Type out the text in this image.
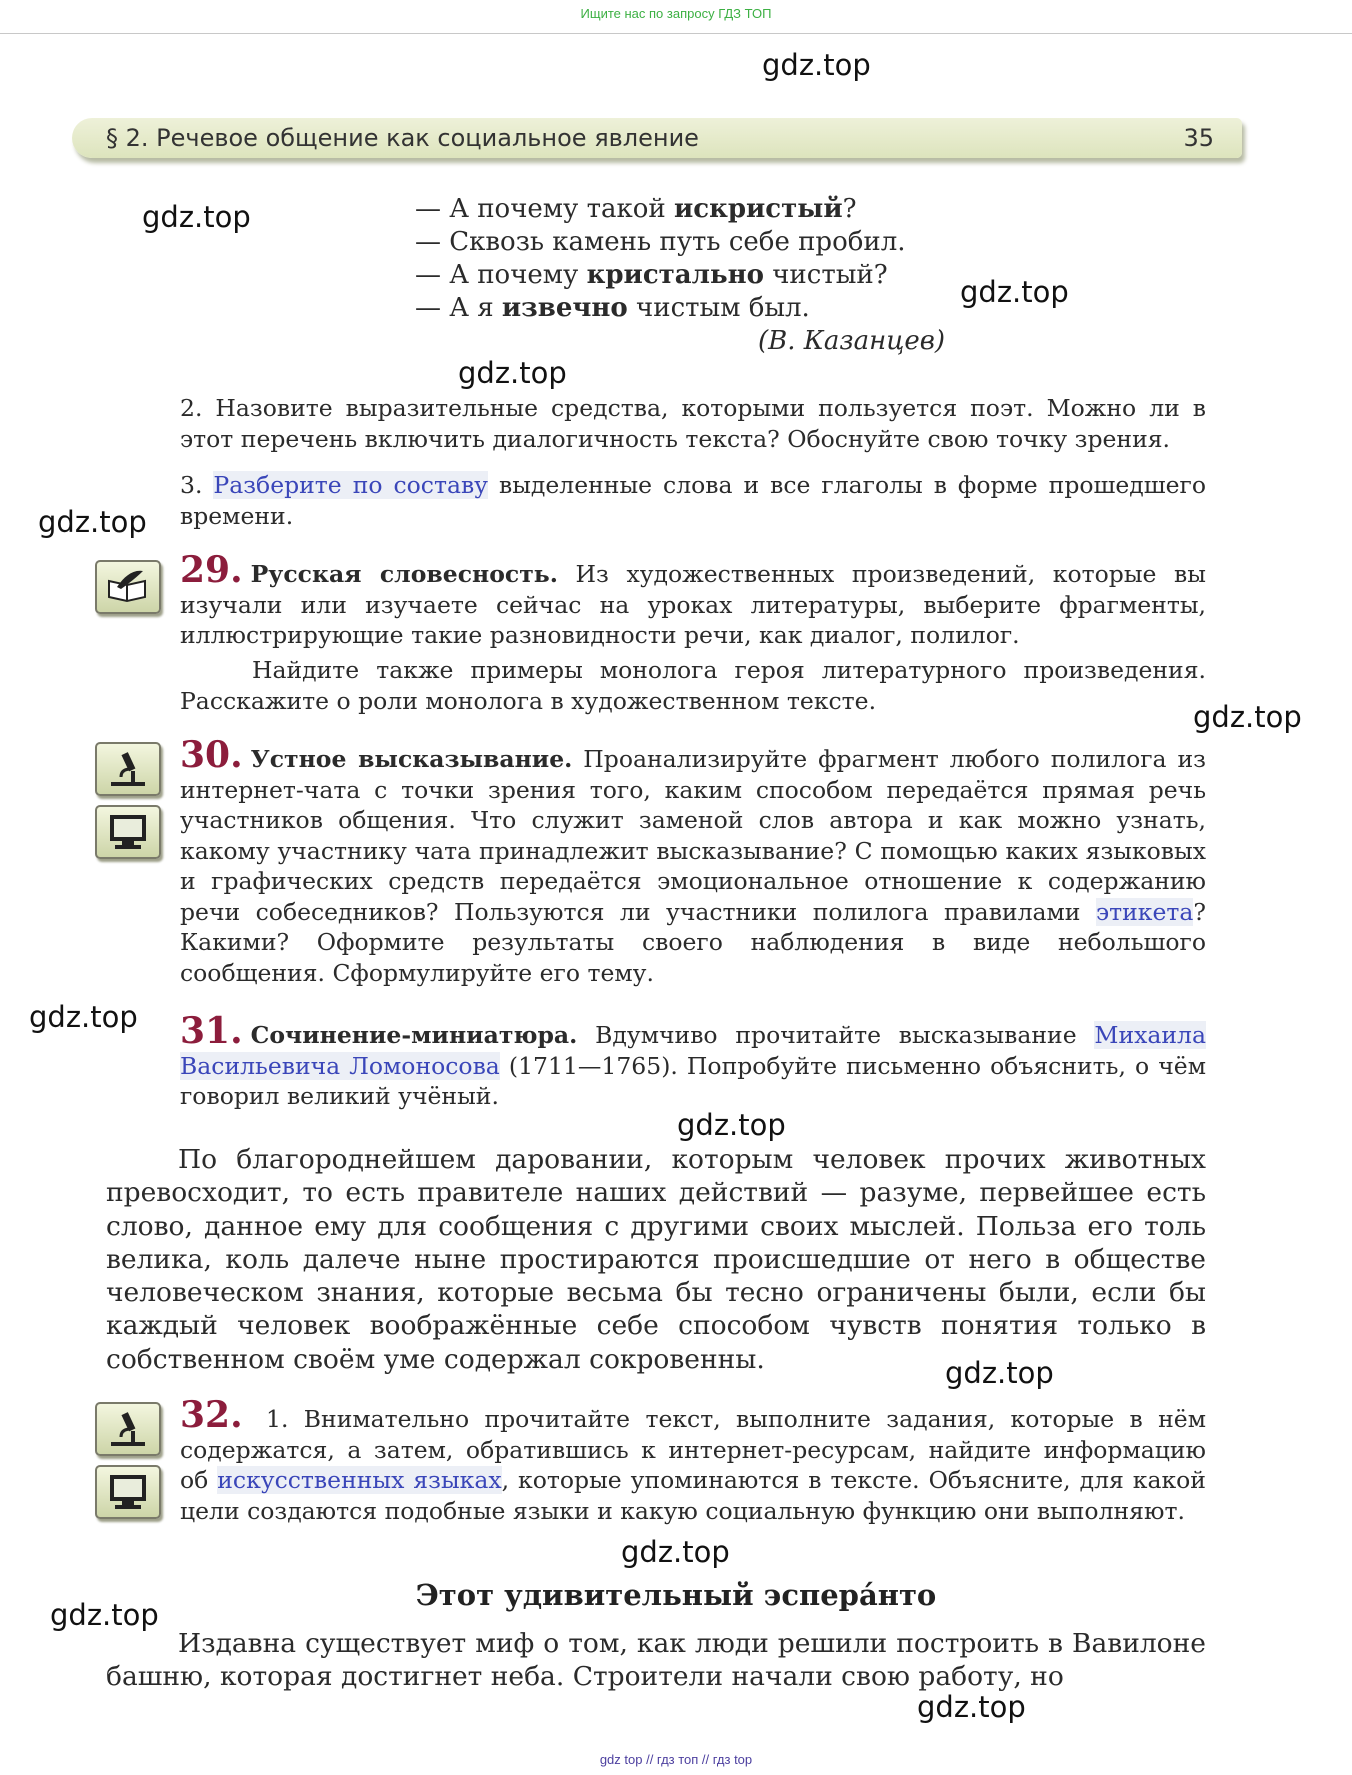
Ищите нас по запросу ГДЗ ТОП
§ 2. Речевое общение как социальное явление	35
— А почему такой искристый?
— Сквозь камень путь себе пробил.
— А почему кристально чистый?
— А я извечно чистым был.
(В. Казанцев)
2. Назовите выразительные средства, которыми пользуется поэт. Можно ли в этот перечень включить диалогичность текста? Обоснуйте свою точку зрения.
3. Разберите по составу выделенные слова и все глаголы в форме прошедшего времени.
29. Русская словесность. Из художественных произведений, которые вы изучали или изучаете сейчас на уроках литературы, выберите фрагменты, иллюстрирующие такие разновидности речи, как диалог, полилог.
Найдите также примеры монолога героя литературного произведения. Расскажите о роли монолога в художественном тексте.
30. Устное высказывание. Проанализируйте фрагмент любого полилога из интернет-чата с точки зрения того, каким способом передаётся прямая речь участников общения. Что служит заменой слов автора и как можно узнать, какому участнику чата принадлежит высказывание? С помощью каких языковых и графических средств передаётся эмоциональное отношение к содержанию речи собеседников? Пользуются ли участники полилога правилами этикета? Какими? Оформите результаты своего наблюдения в виде небольшого сообщения. Сформулируйте его тему.
31. Сочинение-миниатюра. Вдумчиво прочитайте высказывание Михаила Васильевича Ломоносова (1711—1765). Попробуйте письменно объяснить, о чём говорил великий учёный.
По благороднейшем даровании, которым человек прочих животных превосходит, то есть правителе наших действий — разуме, первейшее есть слово, данное ему для сообщения с другими своих мыслей. Польза его толь велика, коль далече ныне простираются происшедшие от него в обществе человеческом знания, которые весьма бы тесно ограничены были, если бы каждый человек воображённые себе способом чувств понятия только в собственном своём уме содержал сокровенны.
32. 1. Внимательно прочитайте текст, выполните задания, которые в нём содержатся, а затем, обратившись к интернет-ресурсам, найдите информацию об искусственных языках, которые упоминаются в тексте. Объясните, для какой цели создаются подобные языки и какую социальную функцию они выполняют.
Этот удивительный эсперáнто
Издавна существует миф о том, как люди решили построить в Вавилоне башню, которая достигнет неба. Строители начали свою работу, но
gdz.top
gdz.top
gdz.top
gdz.top
gdz.top
gdz.top
gdz.top
gdz.top
gdz.top
gdz.top
gdz.top
gdz.top
gdz top // гдз топ // гдз top
